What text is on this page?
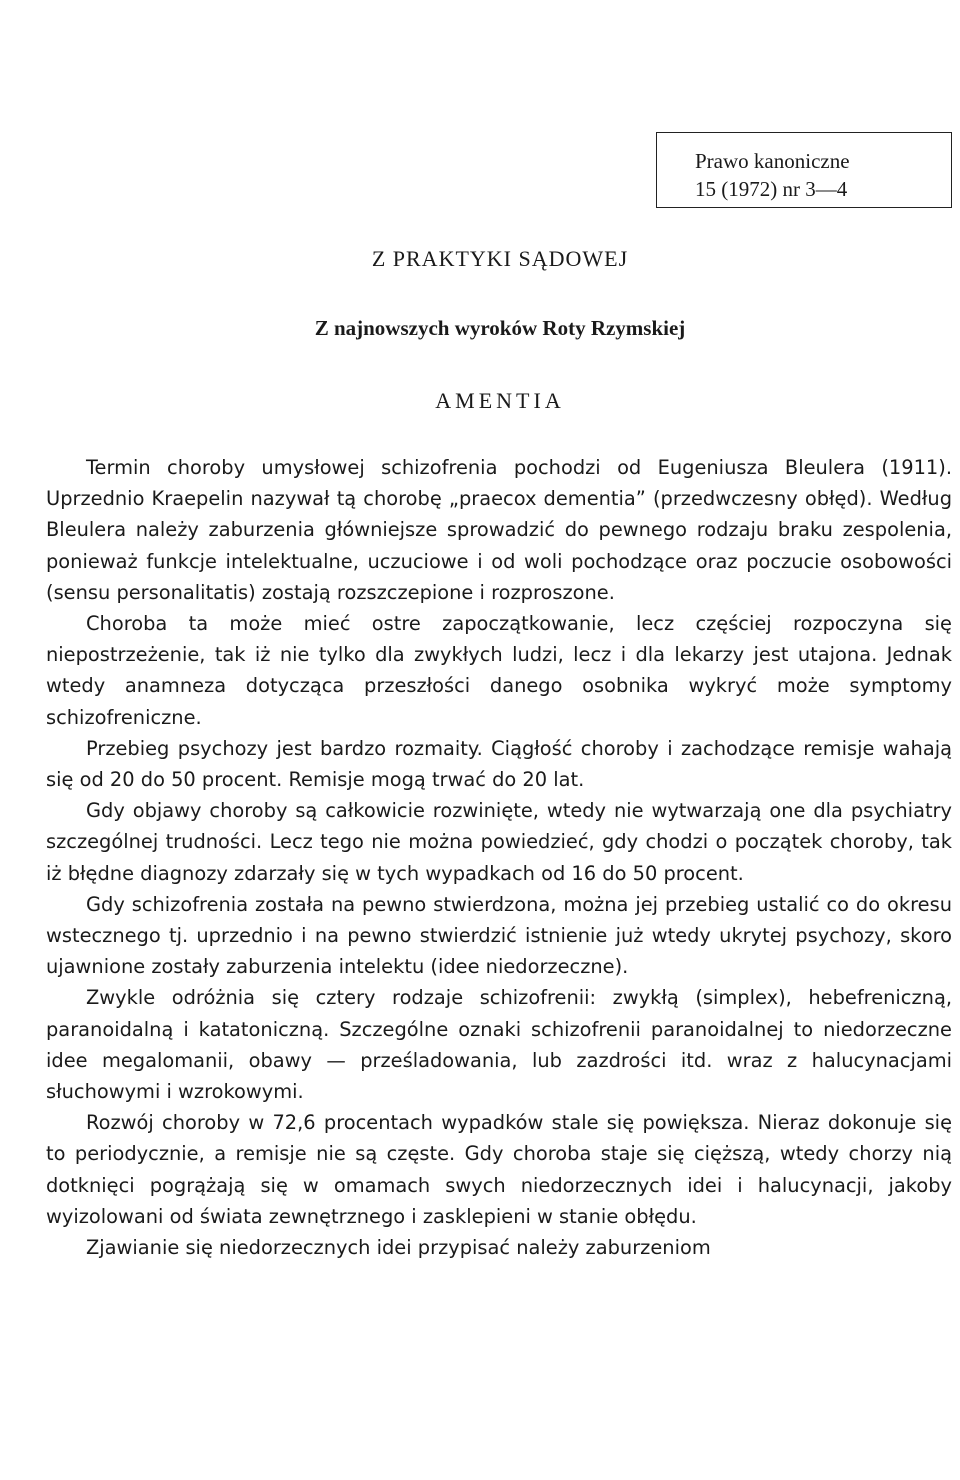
Prawo kanoniczne
15 (1972) nr 3—4
Z PRAKTYKI SĄDOWEJ
Z najnowszych wyroków Roty Rzymskiej
AMENTIA

Termin choroby umysłowej schizofrenia pochodzi od Eugeniusza Bleulera (1911). Uprzednio Kraepelin nazywał tą chorobę „praecox dementia” (przedwczesny obłęd). Według Bleulera należy zaburzenia główniejsze sprowadzić do pewnego rodzaju braku zespolenia, ponieważ funkcje intelektualne, uczuciowe i od woli pochodzące oraz poczucie osobowości (sensu personalitatis) zostają rozszczepione i rozproszone.

Choroba ta może mieć ostre zapoczątkowanie, lecz częściej rozpoczyna się niepostrzeżenie, tak iż nie tylko dla zwykłych ludzi, lecz i dla lekarzy jest utajona. Jednak wtedy anamneza dotycząca przeszłości danego osobnika wykryć może symptomy schizofreniczne.

Przebieg psychozy jest bardzo rozmaity. Ciągłość choroby i zachodzące remisje wahają się od 20 do 50 procent. Remisje mogą trwać do 20 lat.

Gdy objawy choroby są całkowicie rozwinięte, wtedy nie wytwarzają one dla psychiatry szczególnej trudności. Lecz tego nie można powiedzieć, gdy chodzi o początek choroby, tak iż błędne diagnozy zdarzały się w tych wypadkach od 16 do 50 procent.

Gdy schizofrenia została na pewno stwierdzona, można jej przebieg ustalić co do okresu wstecznego tj. uprzednio i na pewno stwierdzić istnienie już wtedy ukrytej psychozy, skoro ujawnione zostały zaburzenia intelektu (idee niedorzeczne).

Zwykle odróżnia się cztery rodzaje schizofrenii: zwykłą (simplex), hebefreniczną, paranoidalną i katatoniczną. Szczególne oznaki schizofrenii paranoidalnej to niedorzeczne idee megalomanii, obawy — prześladowania, lub zazdrości itd. wraz z halucynacjami słuchowymi i wzrokowymi.

Rozwój choroby w 72,6 procentach wypadków stale się powiększa. Nieraz dokonuje się to periodycznie, a remisje nie są częste. Gdy choroba staje się cięższą, wtedy chorzy nią dotknięci pogrążają się w omamach swych niedorzecznych idei i halucynacji, jakoby wyizolowani od świata zewnętrznego i zasklepieni w stanie obłędu.

Zjawianie się niedorzecznych idei przypisać należy zaburzeniom
